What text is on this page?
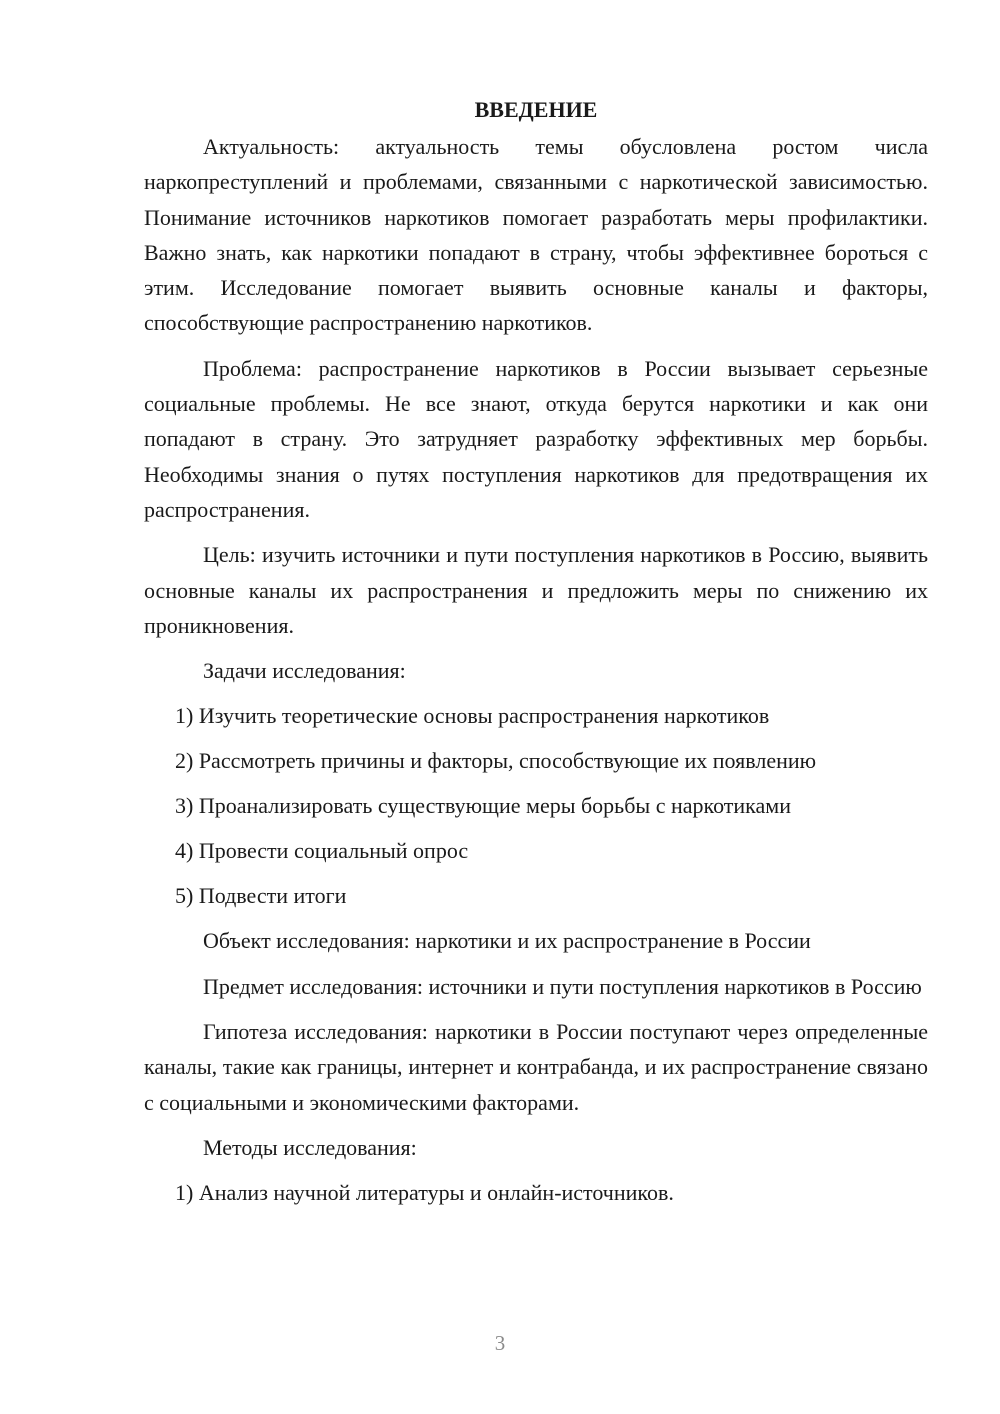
ВВЕДЕНИЕ

Актуальность: актуальность темы обусловлена ростом числа наркопреступлений и проблемами, связанными с наркотической зависимостью. Понимание источников наркотиков помогает разработать меры профилактики. Важно знать, как наркотики попадают в страну, чтобы эффективнее бороться с этим. Исследование помогает выявить основные каналы и факторы, способствующие распространению наркотиков.

Проблема: распространение наркотиков в России вызывает серьезные социальные проблемы. Не все знают, откуда берутся наркотики и как они попадают в страну. Это затрудняет разработку эффективных мер борьбы. Необходимы знания о путях поступления наркотиков для предотвращения их распространения.

Цель: изучить источники и пути поступления наркотиков в Россию, выявить основные каналы их распространения и предложить меры по снижению их проникновения.

Задачи исследования:

1) Изучить теоретические основы распространения наркотиков
2) Рассмотреть причины и факторы, способствующие их появлению
3) Проанализировать существующие меры борьбы с наркотиками
4) Провести социальный опрос
5) Подвести итоги

Объект исследования: наркотики и их распространение в России

Предмет исследования: источники и пути поступления наркотиков в Россию

Гипотеза исследования: наркотики в России поступают через определенные каналы, такие как границы, интернет и контрабанда, и их распространение связано с социальными и экономическими факторами.

Методы исследования:

1) Анализ научной литературы и онлайн-источников.
3
